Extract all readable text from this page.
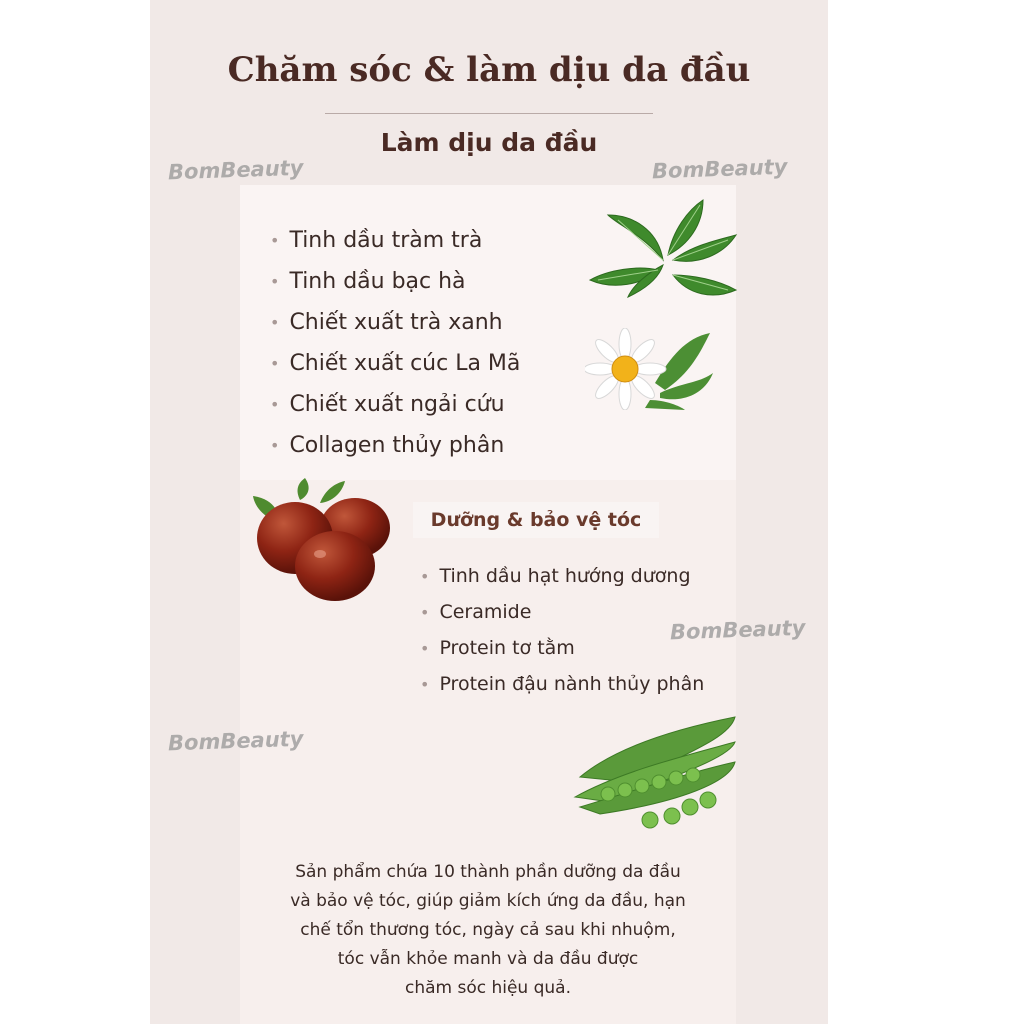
Chăm sóc & làm dịu da đầu
Làm dịu da đầu
BomBeauty	BomBeauty
BomBeauty
BomBeauty
• Tinh dầu tràm trà
• Tinh dầu bạc hà
• Chiết xuất trà xanh
• Chiết xuất cúc La Mã
• Chiết xuất ngải cứu
• Collagen thủy phân
Dưỡng & bảo vệ tóc
• Tinh dầu hạt hướng dương
• Ceramide
• Protein tơ tằm
• Protein đậu nành thủy phân
Sản phẩm chứa 10 thành phần dưỡng da đầu
và bảo vệ tóc, giúp giảm kích ứng da đầu, hạn
chế tổn thương tóc, ngày cả sau khi nhuộm,
tóc vẫn khỏe manh và da đầu được
chăm sóc hiệu quả.
